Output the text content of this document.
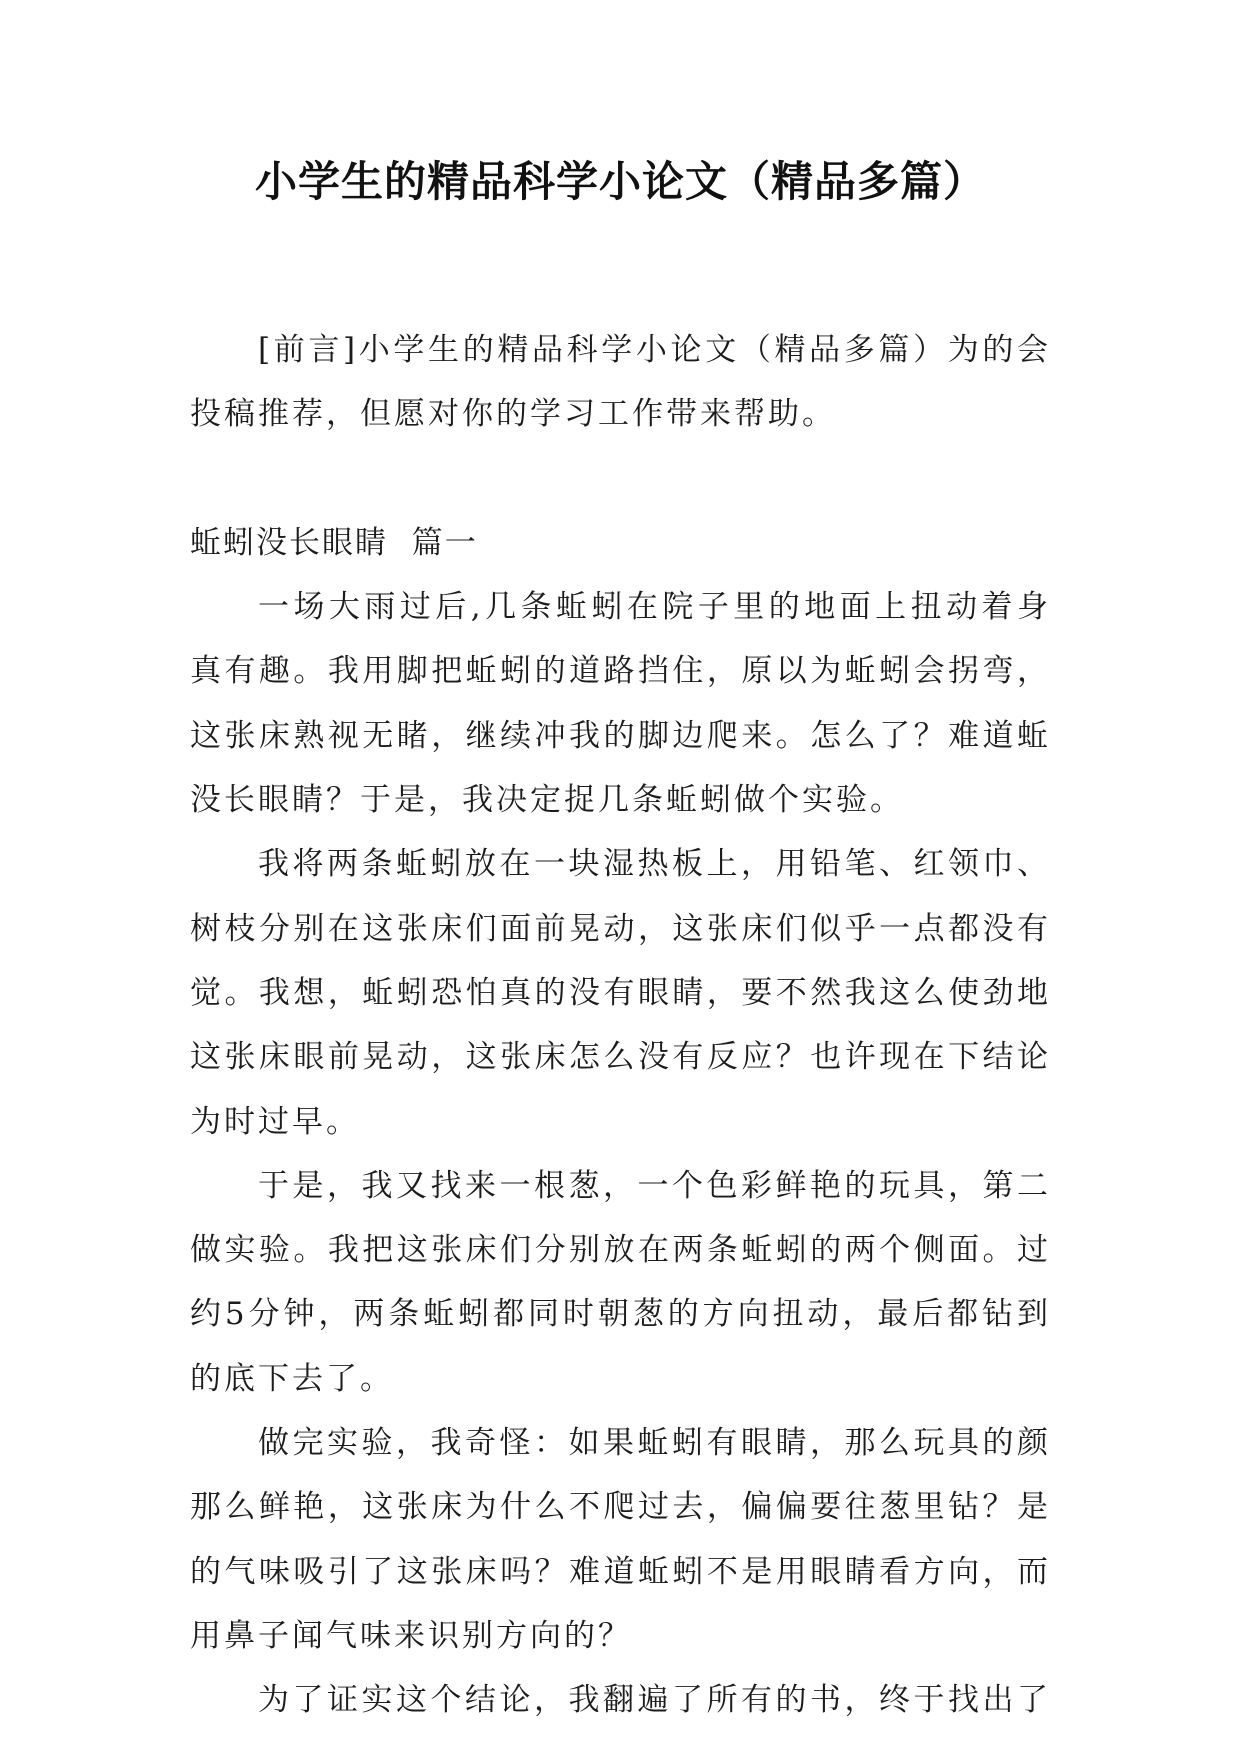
小学生的精品科学小论文（精品多篇）
[前言]小学生的精品科学小论文（精品多篇）为的会
投稿推荐，但愿对你的学习工作带来帮助。
蚯蚓没长眼睛  篇一
一场大雨过后,几条蚯蚓在院子里的地面上扭动着身
真有趣。我用脚把蚯蚓的道路挡住，原以为蚯蚓会拐弯，
这张床熟视无睹，继续冲我的脚边爬来。怎么了？难道蚯
没长眼睛？于是，我决定捉几条蚯蚓做个实验。
我将两条蚯蚓放在一块湿热板上，用铅笔、红领巾、
树枝分别在这张床们面前晃动，这张床们似乎一点都没有
觉。我想，蚯蚓恐怕真的没有眼睛，要不然我这么使劲地
这张床眼前晃动，这张床怎么没有反应？也许现在下结论
为时过早。
于是，我又找来一根葱，一个色彩鲜艳的玩具，第二
做实验。我把这张床们分别放在两条蚯蚓的两个侧面。过
约5分钟，两条蚯蚓都同时朝葱的方向扭动，最后都钻到
的底下去了。
做完实验，我奇怪：如果蚯蚓有眼睛，那么玩具的颜
那么鲜艳，这张床为什么不爬过去，偏偏要往葱里钻？是
的气味吸引了这张床吗？难道蚯蚓不是用眼睛看方向，而
用鼻子闻气味来识别方向的？
为了证实这个结论，我翻遍了所有的书，终于找出了
